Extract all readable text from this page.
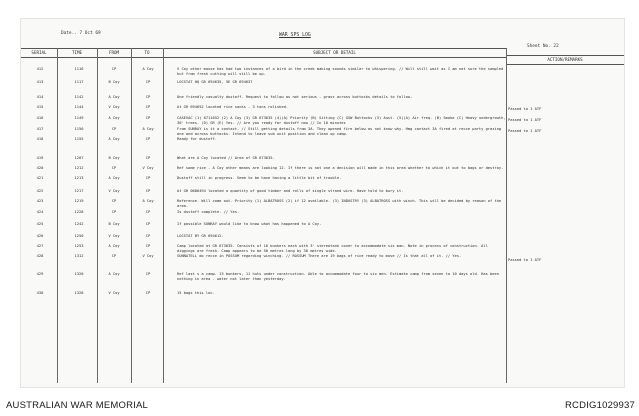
Date.. 7 Oct 69	WAR SPS LOG
Sheet No. 22
SERIAL	TIME	FROM	TO	SUBJECT OR DETAIL
ACTION/REMARKS
412	1116	CP	A Coy	V Coy other mouse has had two instances of a bird in the creek making sounds similar to whispering. // Will still wait as I am not sure the sampled hut from fresh cutting will still be up.
413	1117	B Coy	CP	LOCSTAT HQ GR 694635, 5E GR 694637
414	1142	A Coy	CP	One friendly casualty dustoff. Request to follow as not serious - grass across buttocks details to follow.
415	1144	V Coy	CP	At GR 694652 located rice sacks - 3 tons rolished.	Passed to 1 ATF
416	1149	A Coy	CP	CASEVAC (1) 6711652 (2) A Coy (3) GR 673635 (4)(A) Priority (B) Sitting (C) GSW Buttocks (3) Aust. (5)(A) Air freq. (B) Smoke (C) Heavy undergrowth, 30' trees. (D) GR (E) Yes. // Are you ready for dustoff now // In 10 minutes
Passed to 1 ATF
417	1150	CP	A Coy	From SUNRAY is it a contact. // Still getting details from 3A. They opened fire below as not know why. Hmg contact 3A fired at recce party grazing one and across buttocks. Intend to leave sub unit position and clean up camp.
Passed to 1 ATF
418	1155	A Coy	CP	Ready for dustoff.
419	1207	B Coy	CP	What are A Coy located // Area of GR 673635.
420	1212	CP	V Coy	Ref some rice - A Coy other means are looking 12. If there is not one a decision will made in this area whether to which it out to bags or destroy.
421	1213	A Coy	CP	Dustoff still in progress. Seem to be have having a little bit of trouble.
422	1217	V Coy	CP	At GR 0686494 located a quantity of good timber and rolls of single strand wire. Have told to bury it.
423	1219	CP	A Coy	Reference. Will come out. Priority (1) ALBATROSS (2) if 12 available. (3) INDUSTRY (3) ALBATROSS with winch. This will be decided by reason of the area.
424	1228	CP	CP	Is dustoff complete. // Yes.
425	1242	B Coy	CP	If possible SUNRAY would like to know what has happened to A Coy.
426	1250	V Coy	CP	LOCSTAT BY GR 694612.
427	1253	A Coy	CP	Camp located at GR 673635. Consists of 10 bunkers each with 3' stereotank cover to accommodate six man. Note in process of construction. All diggings are fresh. Camp appears to be 50 metres long by 30 metres wide.
428	1312	CP	V Coy	SUNNATELL do recce in POSSUM regarding winching. // ROSSUM There are 19 bags of rice ready to move // Is that all of it. // Yes.
Passed to 1 ATF
429	1320	A Coy	CP	Ref last s a camp. 13 bunkers, 11 huts under construction. Able to accommodate four to six men. Estimate camp from seven to 10 days old. Has been nothing in area - water not later than yesterday.
430	1328	V Coy	CP	15 bags this loc.
AUSTRALIAN WAR MEMORIAL	RCDIG1029937
